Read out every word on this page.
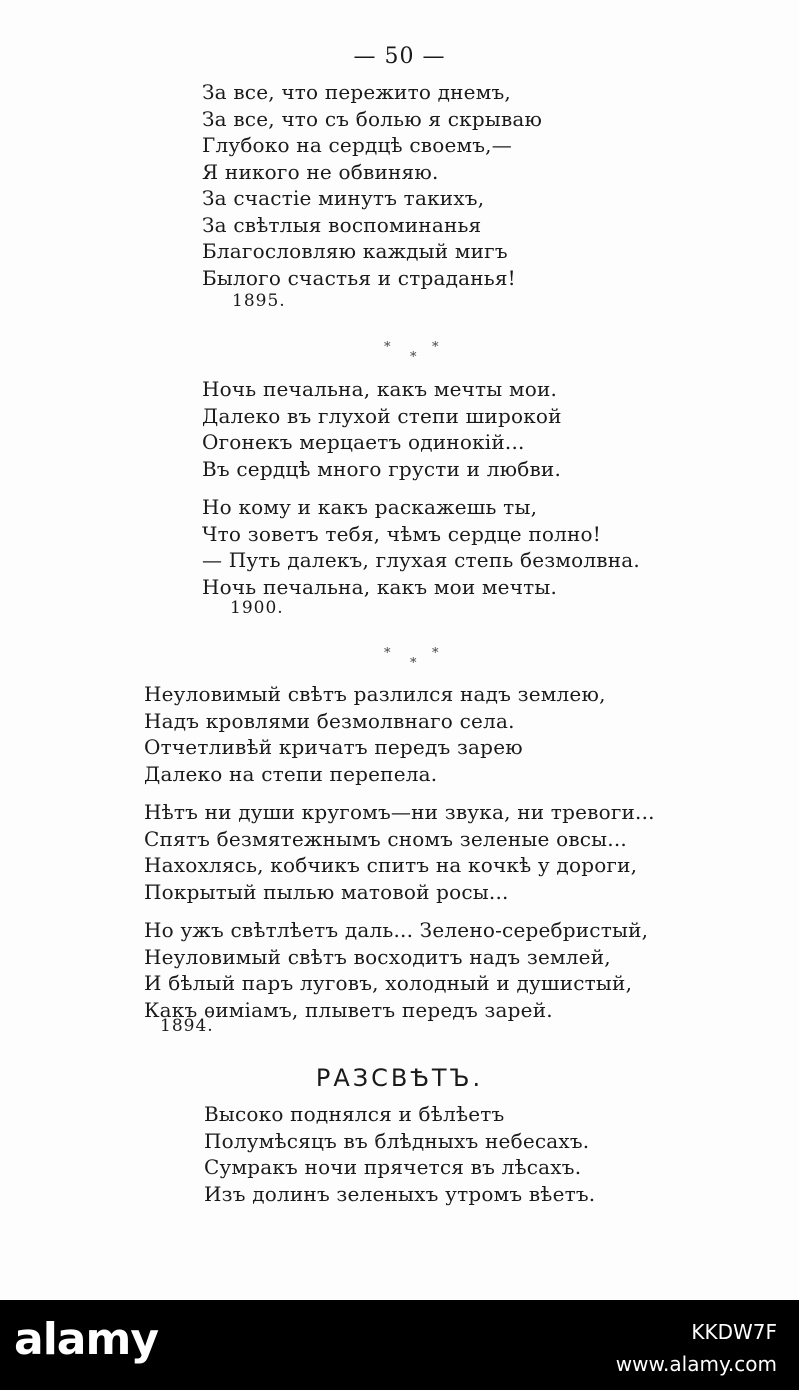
— 50 —
За все, что пережито днемъ,
За все, что съ болью я скрываю
Глубоко на сердцѣ своемъ,—
Я никого не обвиняю.
За счастіе минутъ такихъ,
За свѣтлыя воспоминанья
Благословляю каждый мигъ
Былого счастья и страданья!
1895.
*
*
*
Ночь печальна, какъ мечты мои.
Далеко въ глухой степи широкой
Огонекъ мерцаетъ одинокій...
Въ сердцѣ много грусти и любви.
Но кому и какъ раскажешь ты,
Что зоветъ тебя, чѣмъ сердце полно!
— Путь далекъ, глухая степь безмолвна.
Ночь печальна, какъ мои мечты.
1900.
*
*
*
Неуловимый свѣтъ разлился надъ землею,
Надъ кровлями безмолвнаго села.
Отчетливѣй кричатъ передъ зарею
Далеко на степи перепела.
Нѣтъ ни души кругомъ—ни звука, ни тревоги...
Спятъ безмятежнымъ сномъ зеленые овсы...
Нахохлясь, кобчикъ спитъ на кочкѣ у дороги,
Покрытый пылью матовой росы...
Но ужъ свѣтлѣетъ даль... Зелено-серебристый,
Неуловимый свѣтъ восходитъ надъ землей,
И бѣлый паръ луговъ, холодный и душистый,
Какъ ѳиміамъ, плыветъ передъ зарей.
1894.
РАЗСВѢТЪ.
Высоко поднялся и бѣлѣетъ
Полумѣсяцъ въ блѣдныхъ небесахъ.
Сумракъ ночи прячется въ лѣсахъ.
Изъ долинъ зеленыхъ утромъ вѣетъ.
alamy	KKDW7F
www.alamy.com
